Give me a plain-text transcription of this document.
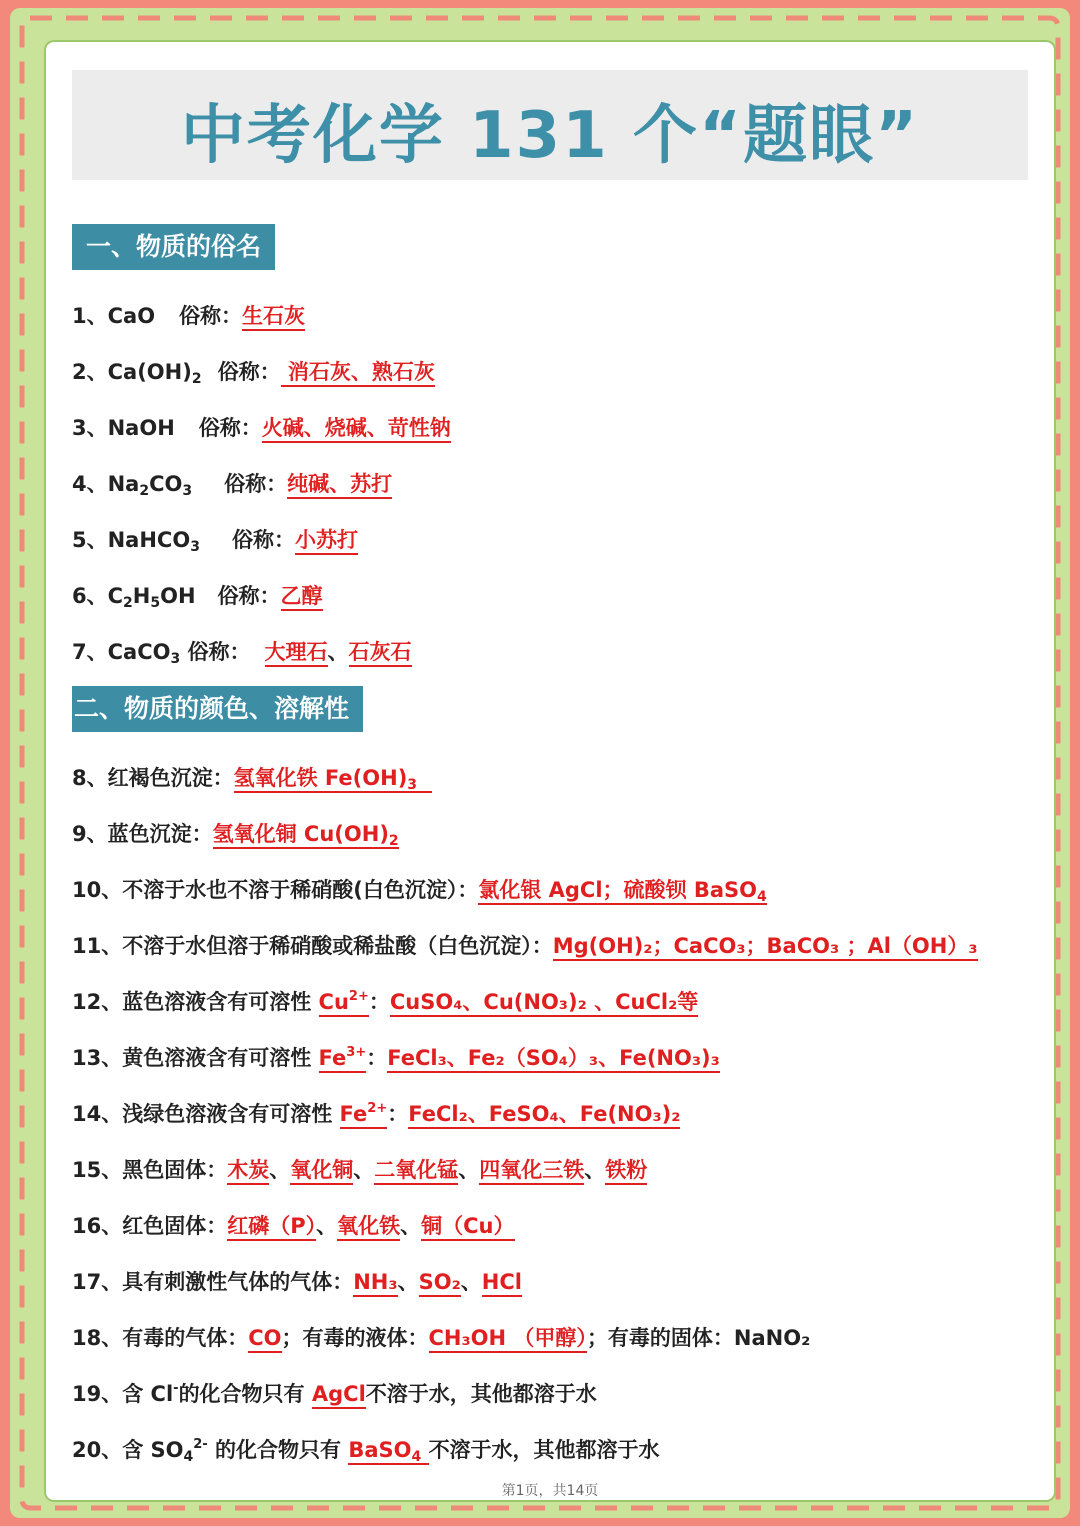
中考化学 131 个“题眼”
一、物质的俗名
1、CaO 俗称：生石灰
2、$Ca(OH)_2$ 俗称： 消石灰、熟石灰
3、NaOH 俗称：火碱、烧碱、苛性钠
4、$Na_2CO_3$ 俗称：纯碱、苏打
5、NaHCO$_3$ 俗称：小苏打
6、$C_2H_5OH$ 俗称：乙醇
7、CaCO$_3$ 俗称： 大理石、石灰石
二、物质的颜色、溶解性
8、红褐色沉淀：氢氧化铁 $Fe(OH)_3$
9、蓝色沉淀：氢氧化铜 $Cu(OH)_2$
10、不溶于水也不溶于稀硝酸(白色沉淀）：氯化银 AgCl；硫酸钡 BaSO$_4$
11、不溶于水但溶于稀硝酸或稀盐酸（白色沉淀）：Mg(OH)₂；CaCO₃；BaCO₃ ；Al（OH）₃
12、蓝色溶液含有可溶性 $Cu^{2+}$：CuSO₄、Cu(NO₃)₂ 、CuCl₂等
13、黄色溶液含有可溶性 $Fe^{3+}$：FeCl₃、Fe₂（SO₄）₃、Fe(NO₃)₃
14、浅绿色溶液含有可溶性 $Fe^{2+}$：FeCl₂、FeSO₄、Fe(NO₃)₂
15、黑色固体：木炭、氧化铜、二氧化锰、四氧化三铁、铁粉
16、红色固体：红磷（P）、氧化铁、铜（Cu）
17、具有刺激性气体的气体：NH₃、SO₂、HCl
18、有毒的气体：CO；有毒的液体：CH₃OH （甲醇）；有毒的固体：NaNO₂
19、含 Cl-的化合物只有 AgCl不溶于水，其他都溶于水
20、含 $SO_4^{2-}$ 的化合物只有 BaSO$_4$ 不溶于水，其他都溶于水
第1页，共14页
